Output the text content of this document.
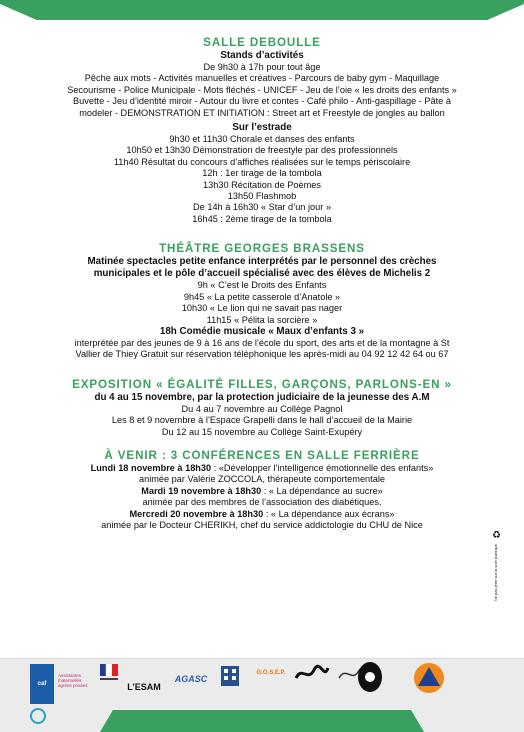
SALLE DEBOULLE
Stands d’activités
De 9h30 à 17h pour tout âge
Pêche aux mots - Activités manuelles et créatives - Parcours de baby gym - Maquillage
Secourisme - Police Municipale - Mots fléchés - UNICEF - Jeu de l’oie « les droits des enfants »
Buvette - Jeu d’identité miroir - Autour du livre et contes - Café philo - Anti-gaspillage - Pâte à
modeler - DEMONSTRATION ET INITIATION : Street art et Freestyle de jongles au ballon
Sur l’estrade
9h30 et 11h30 Chorale et danses des enfants
10h50 et 13h30 Démonstration de freestyle par des professionnels
11h40 Résultat du concours d’affiches réalisées sur le temps périscolaire
12h : 1er tirage de la tombola
13h30 Récitation de Poèmes
13h50 Flashmob
De 14h à 16h30 « Star d’un jour »
16h45 : 2ème tirage de la tombola
THÉÂTRE GEORGES BRASSENS
Matinée spectacles petite enfance interprétés par le personnel des crèches
municipales et le pôle d’accueil spécialisé avec des élèves de Michelis 2
9h « C’est le Droits des Enfants
9h45 « La petite casserole d’Anatole »
10h30 « Le lion qui ne savait pas nager
11h15 « Pélita la sorcière »
18h Comédie musicale « Maux d’enfants 3 »
interprétée par des jeunes de 9 à 16 ans de l’école du sport, des arts et de la montagne à St
Vallier de Thiey Gratuit sur réservation téléphonique les après-midi au 04 92 12 42 64 ou 67
EXPOSITION « ÉGALITÉ FILLES, GARÇONS, PARLONS-EN »
du 4 au 15 novembre, par la protection judiciaire de la jeunesse des A.M
Du 4 au 7 novembre au Collège Pagnol
Les 8 et 9 novembre à l’Espace Grapelli dans le hall d’accueil de la Mairie
Du 12 au 15 novembre au Collège Saint-Exupéry
À VENIR : 3 CONFÉRENCES EN SALLE FERRIÈRE
Lundi 18 novembre à 18h30 : «Développer l’intelligence émotionnelle des enfants»
animée par Valérie ZOCCOLA, thérapeute comportementale
Mardi 19 novembre à 18h30 : « La dépendance au sucre»
animée par des membres de l’association des diabétiques.
Mercredi 20 novembre à 18h30 : « La dépendance aux écrans»
animée par le Docteur CHERIKH, chef du service addictologie du CHU de Nice
♻
Ne pas jeter sur la voie publique
caf
Assistantes maternelles agrées privées	L’ESAM
AGASC
G.O.S.E.P.
